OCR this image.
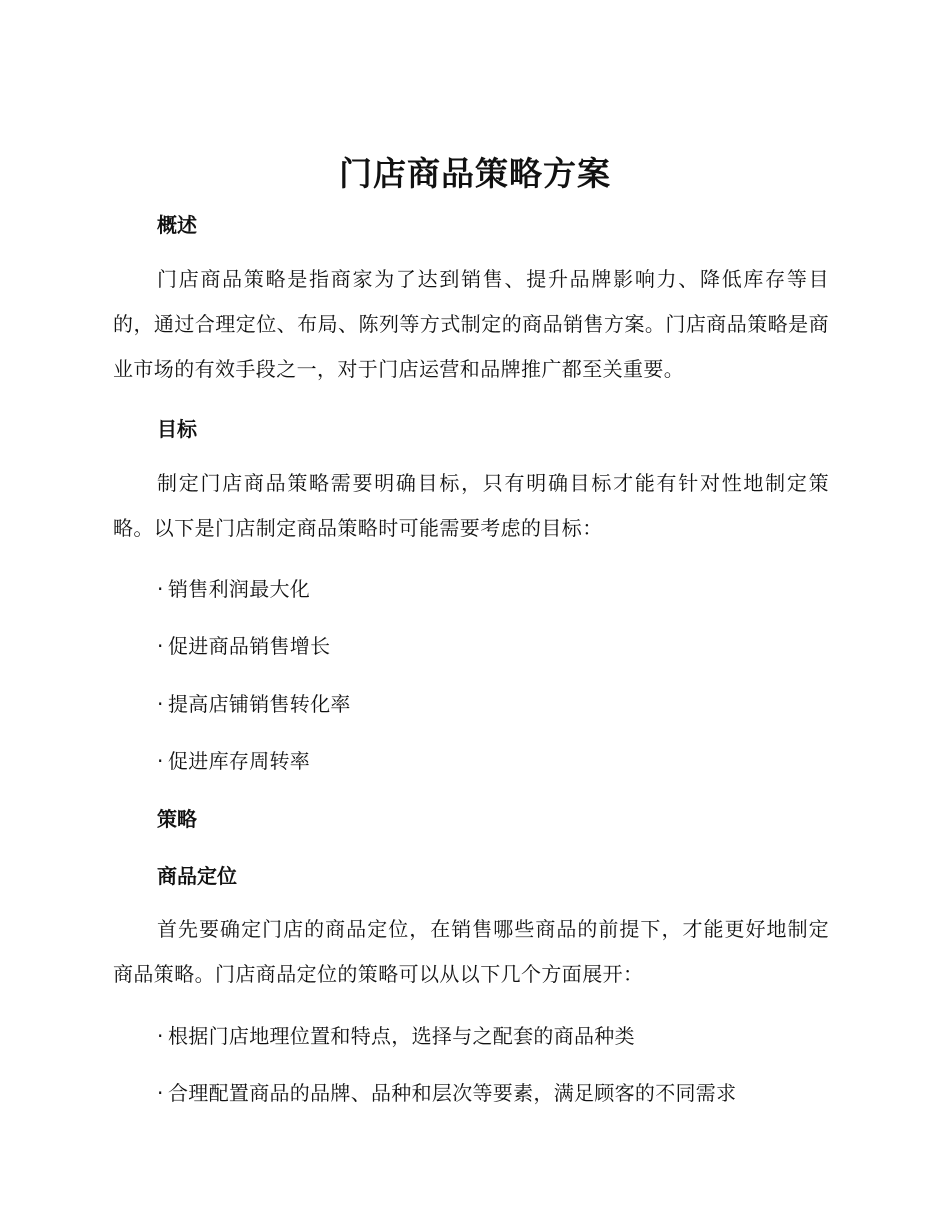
门店商品策略方案
概述

门店商品策略是指商家为了达到销售、提升品牌影响力、降低库存等目的，通过合理定位、布局、陈列等方式制定的商品销售方案。门店商品策略是商业市场的有效手段之一，对于门店运营和品牌推广都至关重要。

目标

制定门店商品策略需要明确目标，只有明确目标才能有针对性地制定策略。以下是门店制定商品策略时可能需要考虑的目标：

· 销售利润最大化

· 促进商品销售增长

· 提高店铺销售转化率

· 促进库存周转率

策略
商品定位

首先要确定门店的商品定位，在销售哪些商品的前提下，才能更好地制定商品策略。门店商品定位的策略可以从以下几个方面展开：

· 根据门店地理位置和特点，选择与之配套的商品种类

· 合理配置商品的品牌、品种和层次等要素，满足顾客的不同需求
